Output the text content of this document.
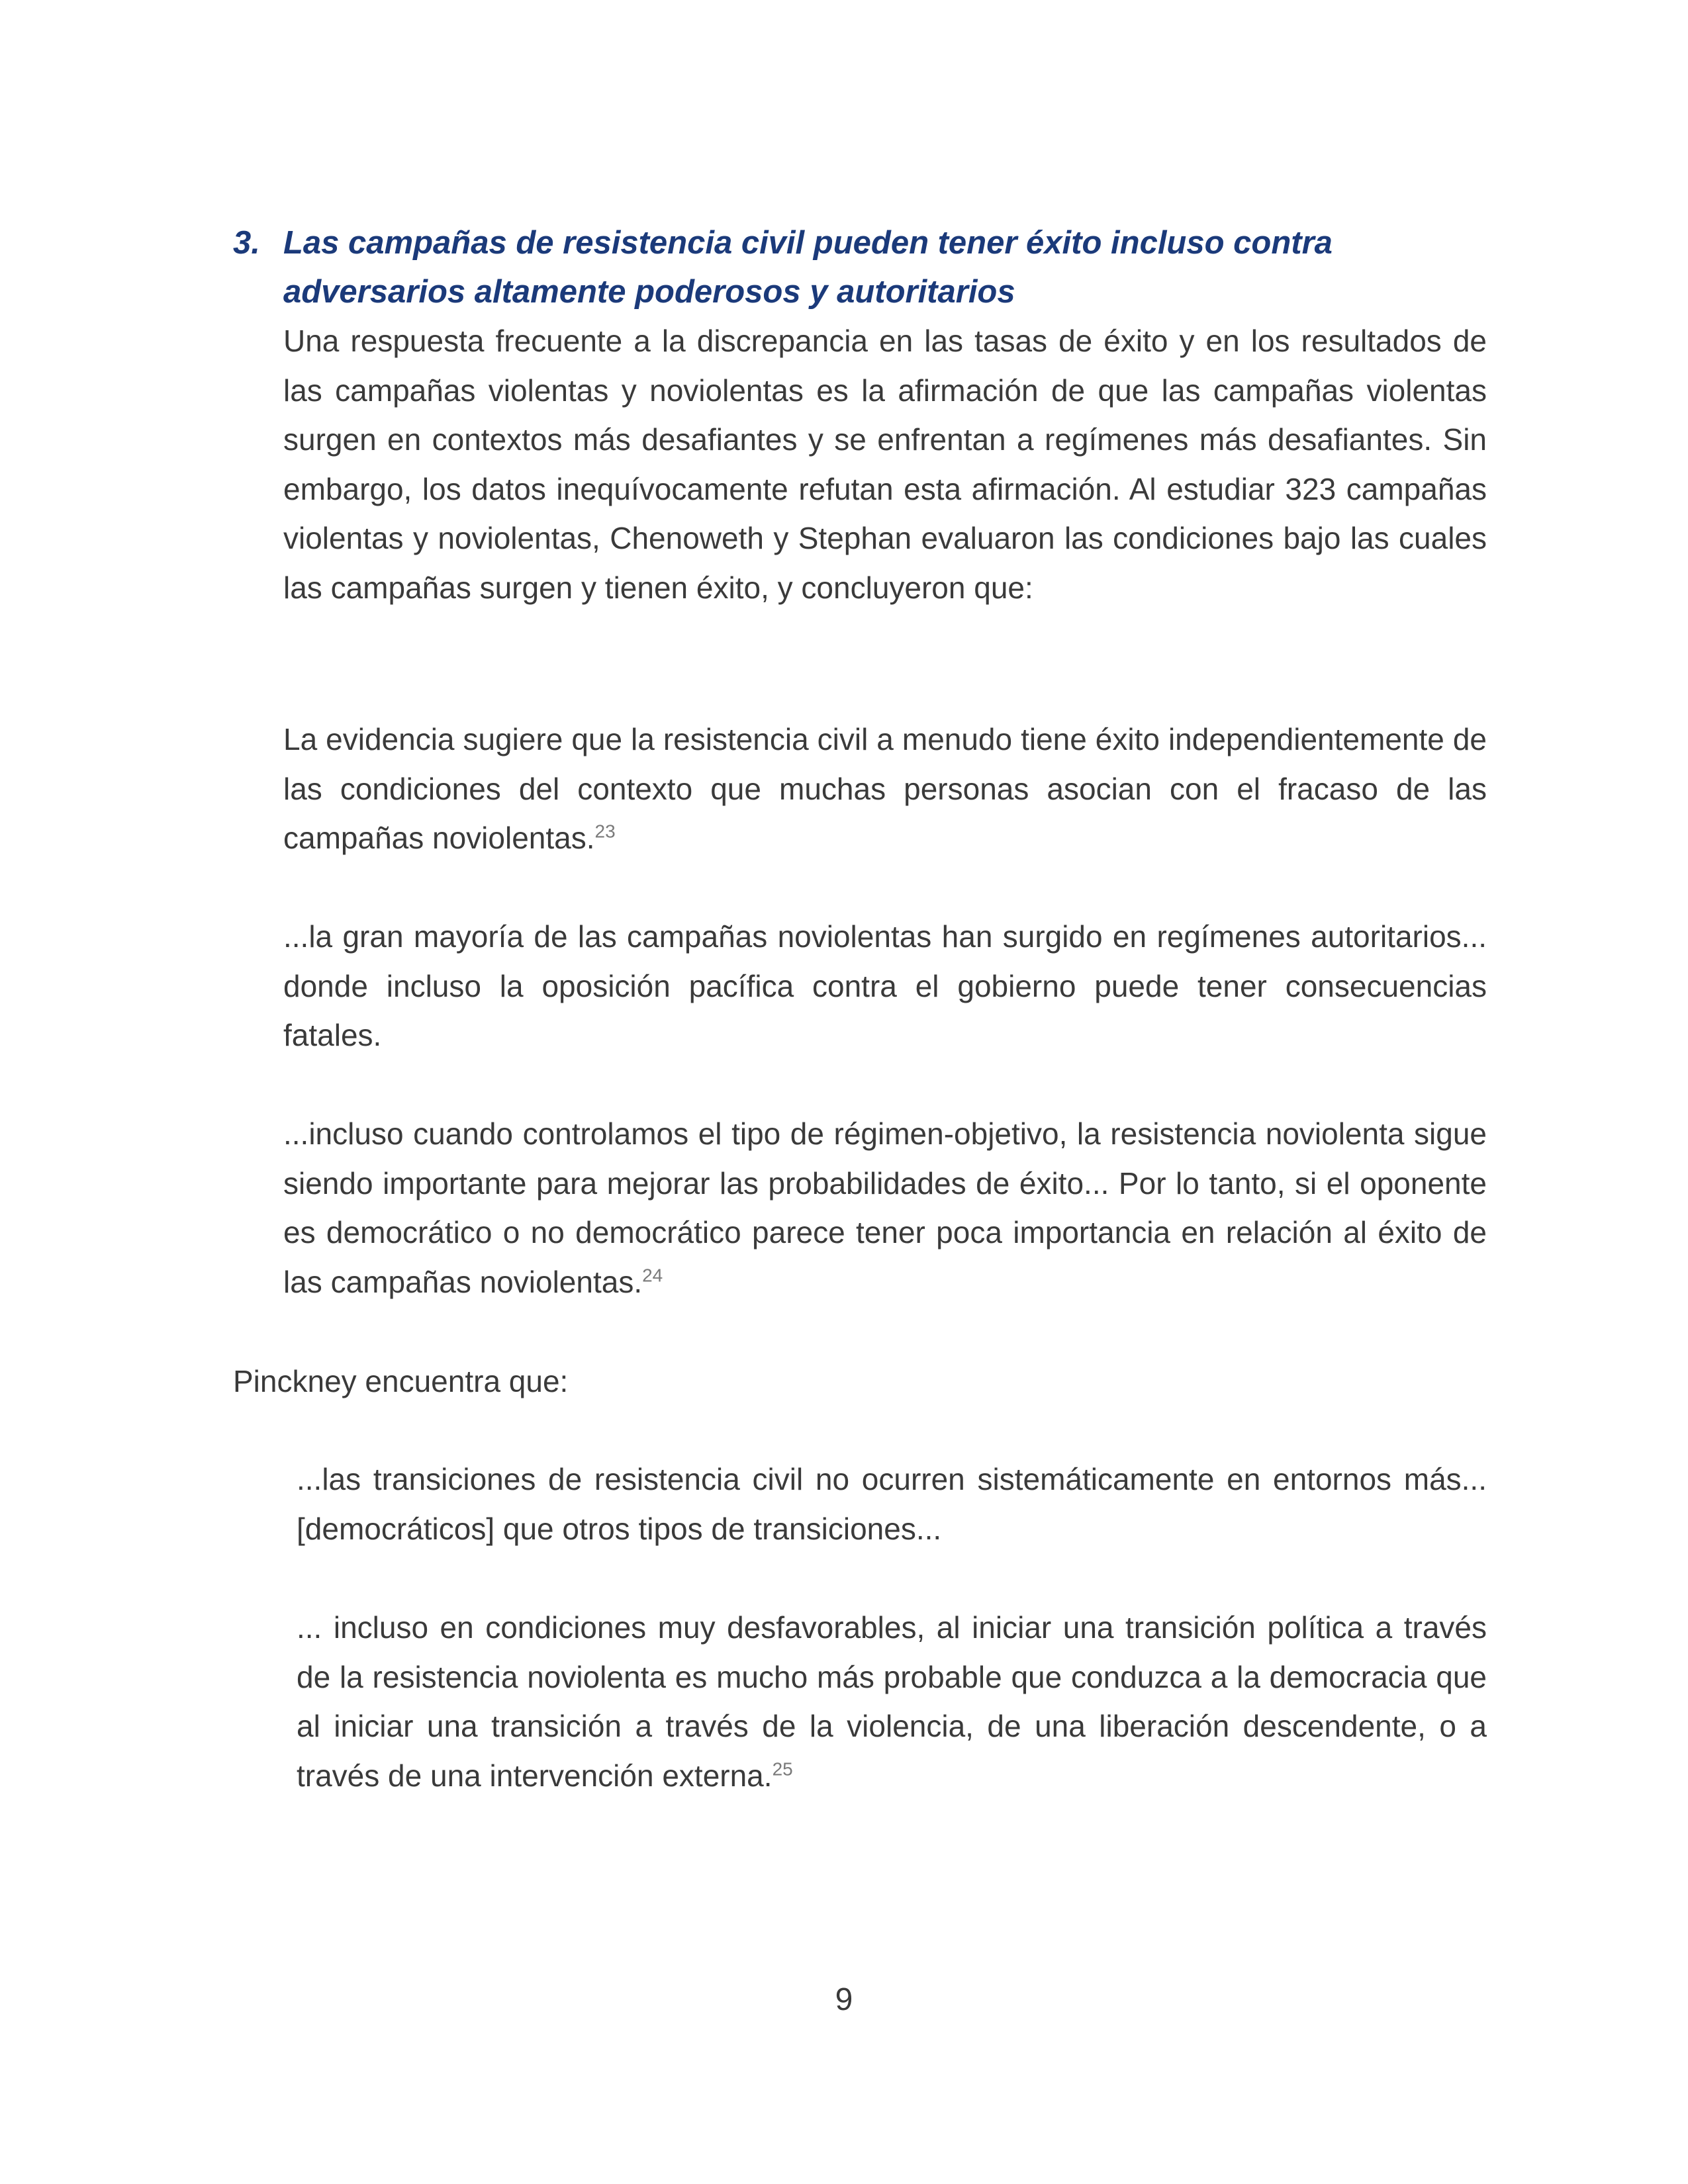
3. Las campañas de resistencia civil pueden tener éxito incluso contra adversarios altamente poderosos y autoritarios

Una respuesta frecuente a la discrepancia en las tasas de éxito y en los resultados de las campañas violentas y noviolentas es la afirmación de que las campañas violentas surgen en contextos más desafiantes y se enfrentan a regímenes más desafiantes. Sin embargo, los datos inequívocamente refutan esta afirmación. Al estudiar 323 campañas violentas y noviolentas, Chenoweth y Stephan evaluaron las condiciones bajo las cuales las campañas surgen y tienen éxito, y concluyeron que:

La evidencia sugiere que la resistencia civil a menudo tiene éxito independientemente de las condiciones del contexto que muchas personas asocian con el fracaso de las campañas noviolentas.$^{23}$

...la gran mayoría de las campañas noviolentas han surgido en regímenes autoritarios... donde incluso la oposición pacífica contra el gobierno puede tener consecuencias fatales.

...incluso cuando controlamos el tipo de régimen-objetivo, la resistencia noviolenta sigue siendo importante para mejorar las probabilidades de éxito... Por lo tanto, si el oponente es democrático o no democrático parece tener poca importancia en relación al éxito de las campañas noviolentas.$^{24}$

Pinckney encuentra que:

...las transiciones de resistencia civil no ocurren sistemáticamente en entornos más... [democráticos] que otros tipos de transiciones...

... incluso en condiciones muy desfavorables, al iniciar una transición política a través de la resistencia noviolenta es mucho más probable que conduzca a la democracia que al iniciar una transición a través de la violencia, de una liberación descendente, o a través de una intervención externa.$^{25}$

9
